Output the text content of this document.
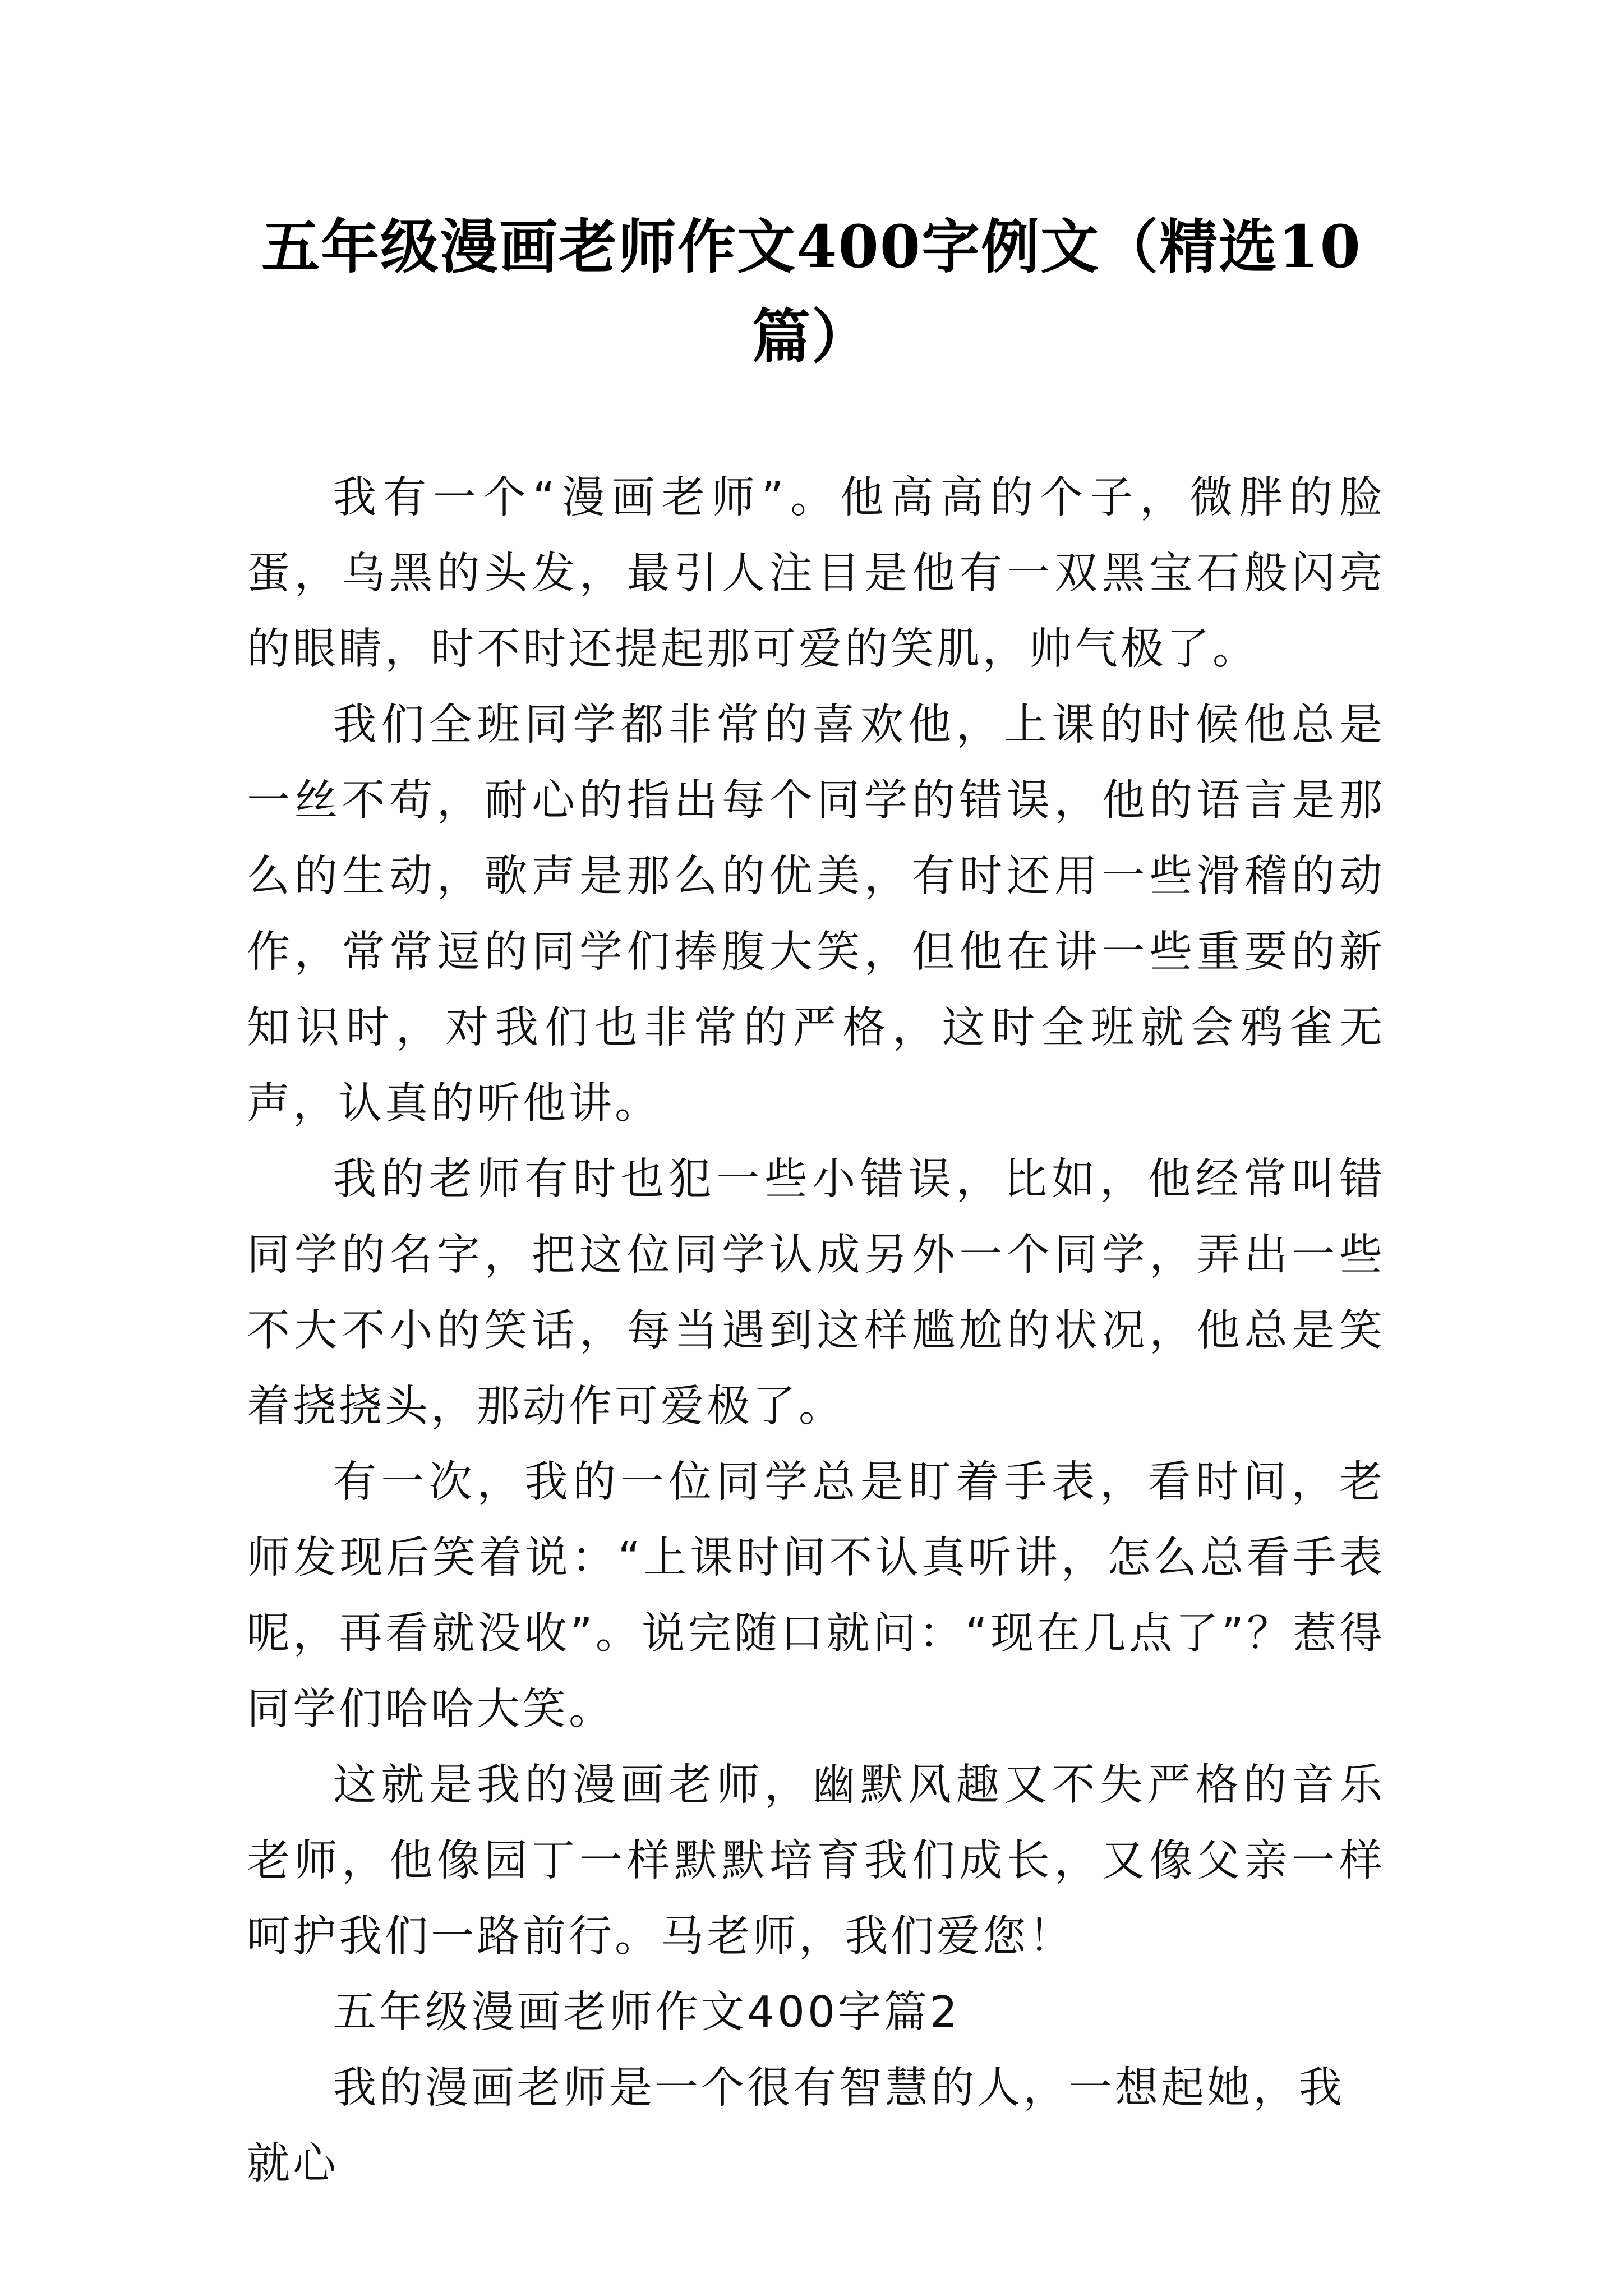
五年级漫画老师作文400字例文（精选10篇）

我有一个“漫画老师”。他高高的个子，微胖的脸蛋，乌黑的头发，最引人注目是他有一双黑宝石般闪亮的眼睛，时不时还提起那可爱的笑肌，帅气极了。

我们全班同学都非常的喜欢他，上课的时候他总是一丝不苟，耐心的指出每个同学的错误，他的语言是那么的生动，歌声是那么的优美，有时还用一些滑稽的动作，常常逗的同学们捧腹大笑，但他在讲一些重要的新知识时，对我们也非常的严格，这时全班就会鸦雀无声，认真的听他讲。

我的老师有时也犯一些小错误，比如，他经常叫错同学的名字，把这位同学认成另外一个同学，弄出一些不大不小的笑话，每当遇到这样尴尬的状况，他总是笑着挠挠头，那动作可爱极了。

有一次，我的一位同学总是盯着手表，看时间，老师发现后笑着说：“上课时间不认真听讲，怎么总看手表呢，再看就没收”。说完随口就问：“现在几点了”？惹得同学们哈哈大笑。

这就是我的漫画老师，幽默风趣又不失严格的音乐老师，他像园丁一样默默培育我们成长，又像父亲一样呵护我们一路前行。马老师，我们爱您！

五年级漫画老师作文400字篇2

我的漫画老师是一个很有智慧的人，一想起她，我就心
